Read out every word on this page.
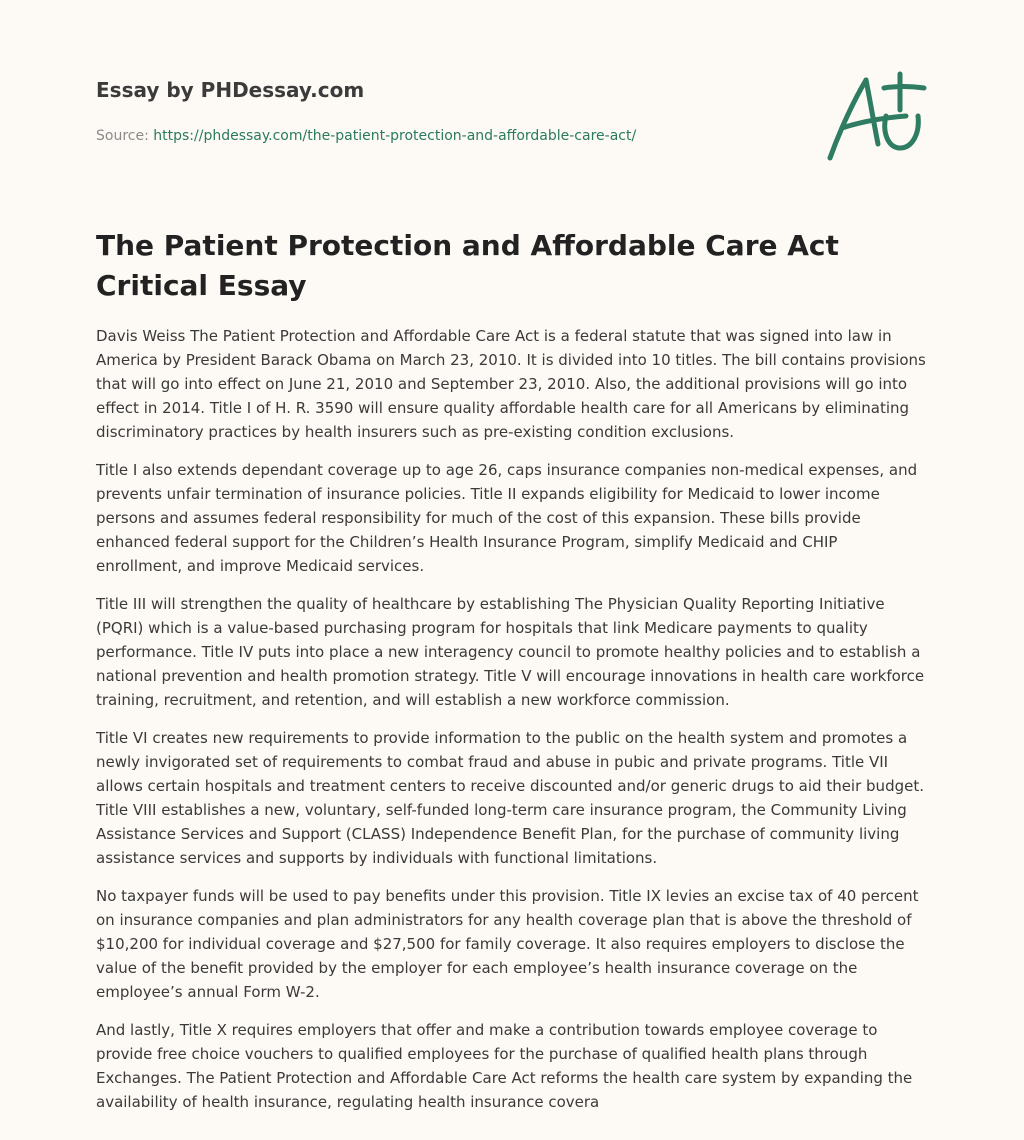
Essay by PHDessay.com
Source: https://phdessay.com/the-patient-protection-and-affordable-care-act/
The Patient Protection and Affordable Care Act Critical Essay

Davis Weiss The Patient Protection and Affordable Care Act is a federal statute that was signed into law in America by President Barack Obama on March 23, 2010. It is divided into 10 titles. The bill contains provisions that will go into effect on June 21, 2010 and September 23, 2010. Also, the additional provisions will go into effect in 2014. Title I of H. R. 3590 will ensure quality affordable health care for all Americans by eliminating discriminatory practices by health insurers such as pre-existing condition exclusions.

Title I also extends dependant coverage up to age 26, caps insurance companies non-medical expenses, and prevents unfair termination of insurance policies. Title II expands eligibility for Medicaid to lower income persons and assumes federal responsibility for much of the cost of this expansion. These bills provide enhanced federal support for the Children’s Health Insurance Program, simplify Medicaid and CHIP enrollment, and improve Medicaid services.

Title III will strengthen the quality of healthcare by establishing The Physician Quality Reporting Initiative (PQRI) which is a value-based purchasing program for hospitals that link Medicare payments to quality performance. Title IV puts into place a new interagency council to promote healthy policies and to establish a national prevention and health promotion strategy. Title V will encourage innovations in health care workforce training, recruitment, and retention, and will establish a new workforce commission.

Title VI creates new requirements to provide information to the public on the health system and promotes a newly invigorated set of requirements to combat fraud and abuse in pubic and private programs. Title VII allows certain hospitals and treatment centers to receive discounted and/or generic drugs to aid their budget. Title VIII establishes a new, voluntary, self-funded long-term care insurance program, the Community Living Assistance Services and Support (CLASS) Independence Benefit Plan, for the purchase of community living assistance services and supports by individuals with functional limitations.

No taxpayer funds will be used to pay benefits under this provision. Title IX levies an excise tax of 40 percent on insurance companies and plan administrators for any health coverage plan that is above the threshold of $10,200 for individual coverage and $27,500 for family coverage. It also requires employers to disclose the value of the benefit provided by the employer for each employee’s health insurance coverage on the employee’s annual Form W-2.

And lastly, Title X requires employers that offer and make a contribution towards employee coverage to provide free choice vouchers to qualified employees for the purchase of qualified health plans through Exchanges. The Patient Protection and Affordable Care Act reforms the health care system by expanding the availability of health insurance, regulating health insurance covera
